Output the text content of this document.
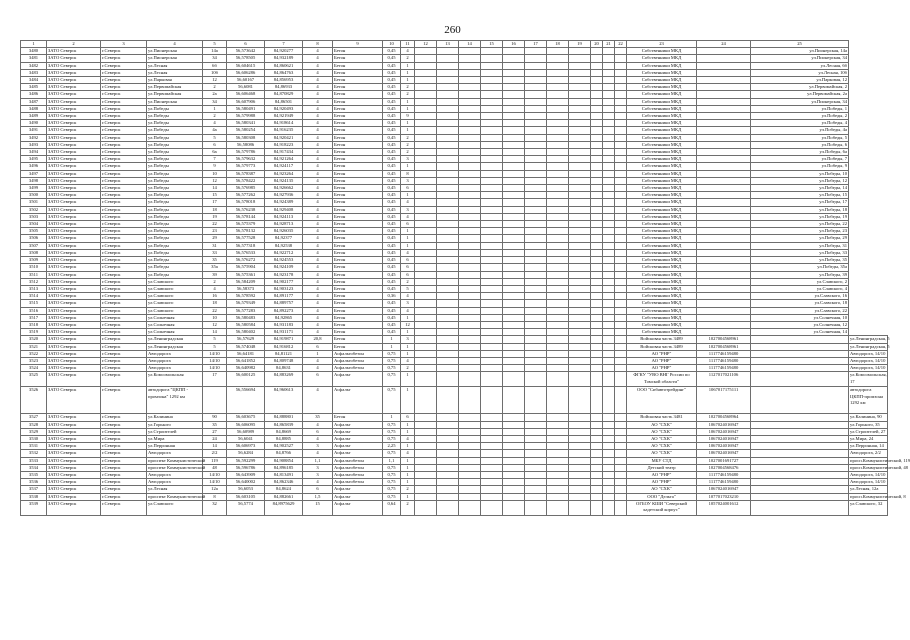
260
1	2	3	4	5	6	7	8	9	10	11	12	13	14	15	16	17	18	19	20	21	22	23	24	25	
3480	ЗАТО Северск	г.Северск	ул.Пионерская	14а	56,573642	84,920277	4	Бетон	0,45	4												Собственники МКД		ул.Пионерская, 14а	
3481	ЗАТО Северск	г.Северск	ул.Пионерская	34	56,578505	84,932189	4	Бетон	0,45	2												Собственники МКД		ул.Пионерская, 34	
3482	ЗАТО Северск	г.Северск	ул.Лесная	6б	56,604615	84,860621	4	Бетон	0,45	1												Собственники МКД		ул.Лесная, 6б	
3483	ЗАТО Северск	г.Северск	ул.Лесная	10б	56,606286	84,864763	4	Бетон	0,45	1												Собственники МКД		ул.Лесная, 10б	
3484	ЗАТО Северск	г.Северск	ул.Парковая	12	56,60167	84,856953	4	Бетон	0,45	1												Собственники МКД		ул.Парковая, 12	
3485	ЗАТО Северск	г.Северск	ул.Первомайская	2	56,6081	84,86933	4	Бетон	0,45	2												Собственники МКД		ул.Первомайская, 2	
3486	ЗАТО Северск	г.Северск	ул.Первомайская	2а	56,606468	84,870829	4	Бетон	0,45	2												Собственники МКД		ул.Первомайская, 2а	
3487	ЗАТО Северск	г.Северск	ул.Пионерская	34	56,607906	84,86501	4	Бетон	0,45	1												Собственники МКД		ул.Пионерская, 34	
3488	ЗАТО Северск	г.Северск	ул.Победы	1	56,580491	84,920493	4	Бетон	0,45	1												Собственники МКД		ул.Победы, 1	
3489	ЗАТО Северск	г.Северск	ул.Победы	2	56,579988	84,921949	4	Бетон	0,45	9												Собственники МКД		ул.Победы, 2	
3490	ЗАТО Северск	г.Северск	ул.Победы	4	56,580341	84,918614	4	Бетон	0,45	1												Собственники МКД		ул.Победы, 4	
3491	ЗАТО Северск	г.Северск	ул.Победы	4а	56,580254	84,916235	4	Бетон	0,45	1												Собственники МКД		ул.Победы, 4а	
3492	ЗАТО Северск	г.Северск	ул.Победы	5	56,580308	84,920421	4	Бетон	0,45	2												Собственники МКД		ул.Победы, 5	
3493	ЗАТО Северск	г.Северск	ул.Победы	6	56,58086	84,918223	4	Бетон	0,45	2												Собственники МКД		ул.Победы, 6	
3494	ЗАТО Северск	г.Северск	ул.Победы	6а	56,579786	84,917434	4	Бетон	0,45	2												Собственники МКД		ул.Победы, 6а	
3495	ЗАТО Северск	г.Северск	ул.Победы	7	56,579632	84,921264	4	Бетон	0,45	3												Собственники МКД		ул.Победы, 7	
3496	ЗАТО Северск	г.Северск	ул.Победы	9	56,579773	84,924117	4	Бетон	0,45	1												Собственники МКД		ул.Победы, 9	
3497	ЗАТО Северск	г.Северск	ул.Победы	10	56,578387	84,923264	4	Бетон	0,45	8												Собственники МКД		ул.Победы, 10	
3498	ЗАТО Северск	г.Северск	ул.Победы	12	56,578422	84,924135	4	Бетон	0,45	3												Собственники МКД		ул.Победы, 12	
3499	ЗАТО Северск	г.Северск	ул.Победы	14	56,576985	84,926662	4	Бетон	0,45	6												Собственники МКД		ул.Победы, 14	
3500	ЗАТО Северск	г.Северск	ул.Победы	15	56,577262	84,927936	4	Бетон	0,45	1												Собственники МКД		ул.Победы, 15	
3501	ЗАТО Северск	г.Северск	ул.Победы	17	56,578018	84,924389	4	Бетон	0,45	4												Собственники МКД		ул.Победы, 17	
3502	ЗАТО Северск	г.Северск	ул.Победы	18	56,576238	84,929408	4	Бетон	0,45	3												Собственники МКД		ул.Победы, 18	
3503	ЗАТО Северск	г.Северск	ул.Победы	19	56,578144	84,924113	4	Бетон	0,45	4												Собственники МКД		ул.Победы, 19	
3504	ЗАТО Северск	г.Северск	ул.Победы	22	56,575379	84,928713	4	Бетон	0,45	6												Собственники МКД		ул.Победы, 22	
3505	ЗАТО Северск	г.Северск	ул.Победы	23	56,578132	84,926035	4	Бетон	0,45	1												Собственники МКД		ул.Победы, 23	
3506	ЗАТО Северск	г.Северск	ул.Победы	29	56,577528	84,92377	4	Бетон	0,45	1												Собственники МКД		ул.Победы, 29	
3507	ЗАТО Северск	г.Северск	ул.Победы	31	56,577318	84,92538	4	Бетон	0,45	1												Собственники МКД		ул.Победы, 31	
3508	ЗАТО Северск	г.Северск	ул.Победы	33	56,576533	84,922712	4	Бетон	0,45	4												Собственники МКД		ул.Победы, 33	
3509	ЗАТО Северск	г.Северск	ул.Победы	35	56,576272	84,924553	4	Бетон	0,45	6												Собственники МКД		ул.Победы, 35	
3510	ЗАТО Северск	г.Северск	ул.Победы	35а	56,575904	84,924109	4	Бетон	0,45	6												Собственники МКД		ул.Победы, 35а	
3511	ЗАТО Северск	г.Северск	ул.Победы	39	56,575361	84,923178	4	Бетон	0,45	6												Собственники МКД		ул.Победы, 39	
3512	ЗАТО Северск	г.Северск	ул.Славского	2	56,584209	84,902177	4	Бетон	0,45	2												Собственники МКД		ул.Славского, 2	
3513	ЗАТО Северск	г.Северск	ул.Славского	4	56,58373	84,903123	4	Бетон	0,45	5												Собственники МКД		ул.Славского, 4	
3514	ЗАТО Северск	г.Северск	ул.Славского	16	56,578592	84,891177	4	Бетон	0,36	4												Собственники МКД		ул.Славского, 16	
3515	ЗАТО Северск	г.Северск	ул.Славского	18	56,579349	84,889757	4	Бетон	0,45	3												Собственники МКД		ул.Славского, 18	
3516	ЗАТО Северск	г.Северск	ул.Славского	22	56,577283	84,892273	4	Бетон	0,45	4												Собственники МКД		ул.Славского, 22	
3517	ЗАТО Северск	г.Северск	ул.Солнечная	10	56,580483	84,92865	4	Бетон	0,45	1												Собственники МКД		ул.Солнечная, 10	
3518	ЗАТО Северск	г.Северск	ул.Солнечная	12	56,580584	84,931183	4	Бетон	0,45	12												Собственники МКД		ул.Солнечная, 12	
3519	ЗАТО Северск	г.Северск	ул.Солнечная	14	56,580402	84,931171	4	Бетон	0,45	1												Собственники МКД		ул.Солнечная, 14	
3520	ЗАТО Северск	г.Северск	ул.Ленинградская	5	56,57629	84,919871	20,8	Бетон	1	3												Войсковая часть 3489	1027004568961		ул.Ленинградская, 5
3521	ЗАТО Северск	г.Северск	ул.Ленинградская	5	56,574048	84,916812	6	Бетон	1	1												Войсковая часть 3489	1027004568961		ул.Ленинградская, 5
3522	ЗАТО Северск	г.Северск	Автодорога	14/10	56,64181	84,81121	1	Асфальтобетон	0,75	1												АО "РНР"	1117746159480		Автодорога, 14/10
3523	ЗАТО Северск	г.Северск	Автодорога	14/10	56,641852	84,809748	4	Асфальтобетон	0,75	4												АО "РНР"	1117746159480		Автодорога, 14/10
3524	ЗАТО Северск	г.Северск	Автодорога	14/10	56,640982	84,8631	4	Асфальтобетон	0,75	2												АО "РНР"	1117746159480		Автодорога, 14/10
3525	ЗАТО Северск	г.Северск	ул.Комсомольская	17	56,600125	84,883269	6	Асфальт	0,75	1												ФГКУ "УВО ВНГ России по Томской области"	1127017021106		ул.Комсомольская, 17
3526	ЗАТО Северск	г.Северск	автодорога "ЦКПП - промзона" 1292 км		56,556694	84,960613	4	Асфальт	0,75	1												ООО "Сибавтотрейдинг"	1067017175111		автодорога ЦКПП-промзона 1292 км
3527	ЗАТО Северск	г.Северск	ул.Калинина	90	56,603675	84,888801	35	Бетон	1	6												Войсковая часть 3481	1027004568964		ул.Калинина, 90
3528	ЗАТО Северск	г.Северск	ул.Горького	35	56,606095	84,865839	4	Асфальт	0,75	1												АО "СХК"	1067024016947		ул.Горького, 35
3529	ЗАТО Северск	г.Северск	ул.Строителей	27	56,60989	84,8669	6	Асфальт	0,75	1												АО "СХК"	1067024016947		ул.Строителей, 27
3530	ЗАТО Северск	г.Северск	ул.Мира	24	56,6041	84,8885	4	Асфальт	0,75	4												АО "СХК"	1067024016947		ул.Мира, 24
3531	ЗАТО Северск	г.Северск	ул.Перронная	14	56,606973	84,902527	3	Асфальт	2,25	1												АО "СХК"	1067024016947		ул.Перронная, 14
3532	ЗАТО Северск	г.Северск	Автодорога	2/2	56,6284	84,8766	4	Асфальт	0,75	4												АО "СХК"	1067024016947		Автодорога, 2/2
3533	ЗАТО Северск	г.Северск	проспект Коммунистический	119	56,592299	84,908854	1,1	Асфальтобетон	1,1	1												МБУ СТД	1027001691727		просп.Коммунистический, 119
3534	ЗАТО Северск	г.Северск	проспект Коммунистический	48	56,596786	84,896185	3	Асфальтобетон	0,75	1												Детский театр	1027004568476		просп.Коммунистический, 48
3535	ЗАТО Северск	г.Северск	Автодорога	14/10	56,643909	84,813491	3	Асфальтобетон	0,75	1												АО "РНР"	1117746159480		Автодорога, 14/10
3536	ЗАТО Северск	г.Северск	Автодорога	14/10	56,640002	84,862346	4	Асфальтобетон	0,75	1												АО "РНР"	1117746159480		Автодорога, 14/10
3537	ЗАТО Северск	г.Северск	ул.Лесная	12а	56,6053	84,8624	6	Асфальт	0,75	2												АО "СХК"	1067024016947		ул.Лесная, 12а
3538	ЗАТО Северск	г.Северск	проспект Коммунистический	8	56,603105	84,882661	1,5	Асфальт	0,75	1												ООО "Дельта"	1077017023210		просп.Коммунистический, 8
3539	ЗАТО Северск	г.Северск	ул.Славского	32	56,5774	84,8975629	15	Асфальт	0,64	2												ОГБОУ КШИ "Северский кадетский корпус"	1057024001612		ул.Славского, 32
